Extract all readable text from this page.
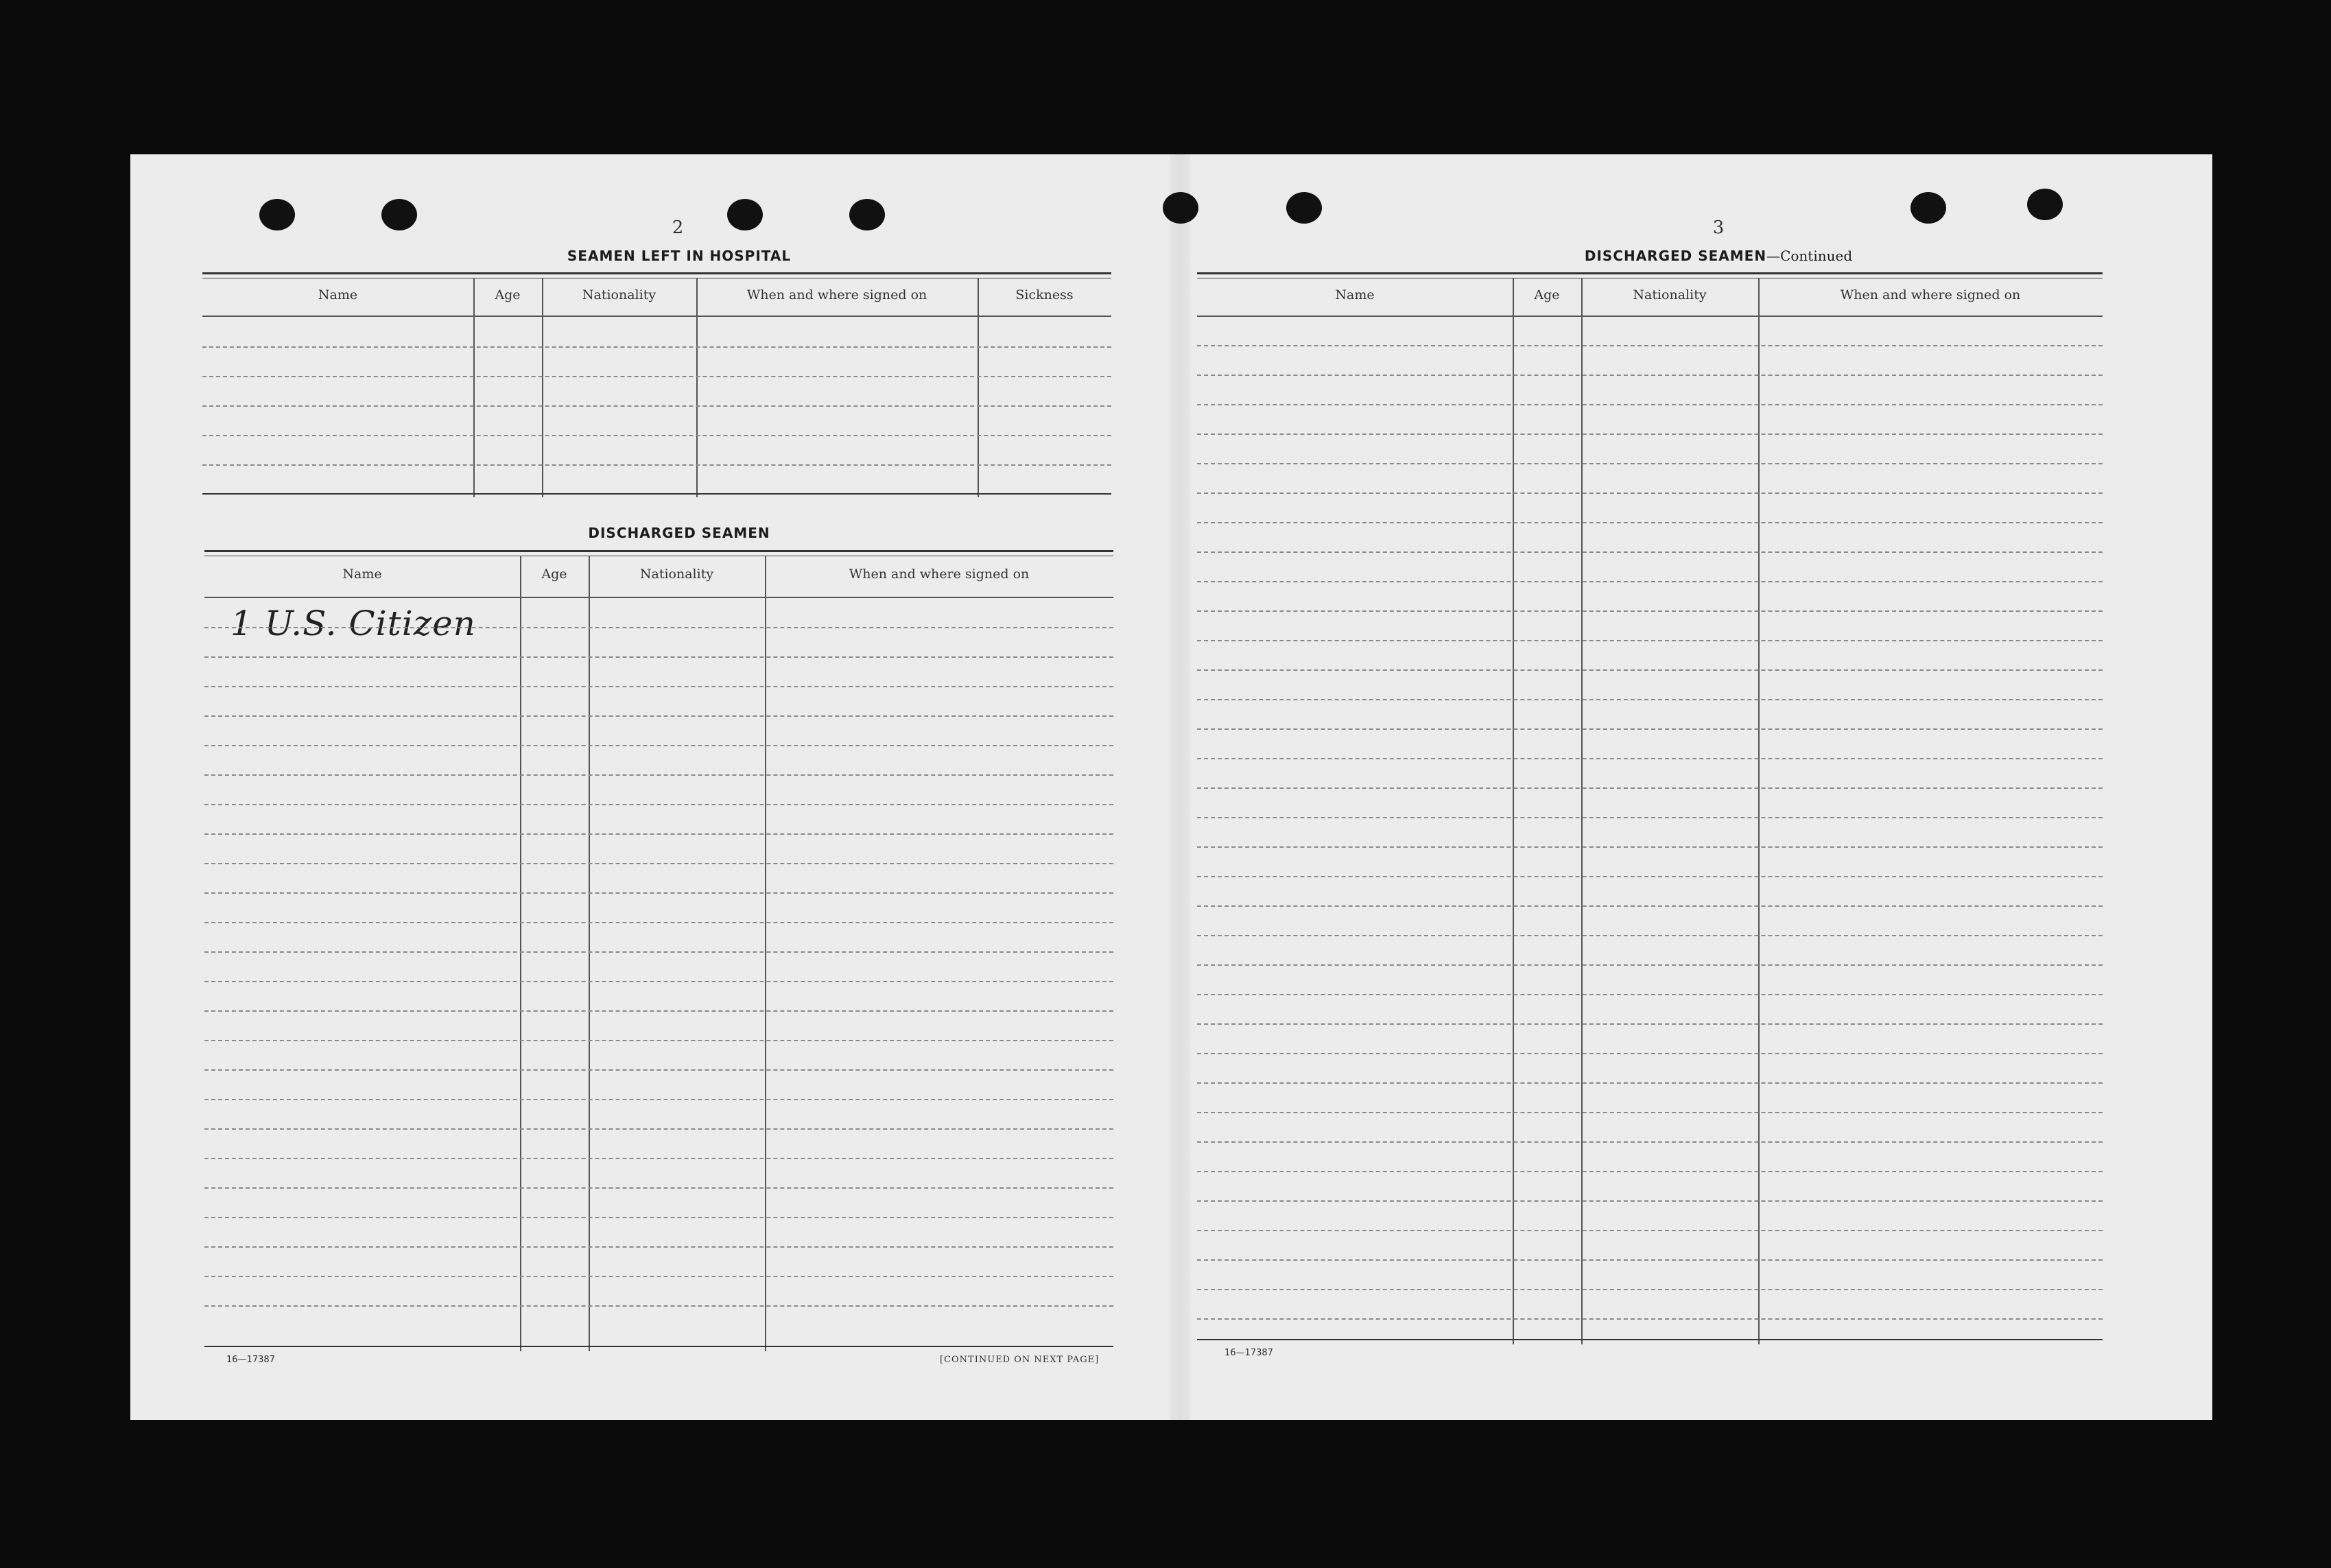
2
SEAMEN LEFT IN HOSPITAL
Name	Age	Nationality	When and where signed on	Sickness
DISCHARGED SEAMEN
Name	Age	Nationality	When and where signed on
1 U.S. Citizen
16—17387	[CONTINUED ON NEXT PAGE]
3
DISCHARGED SEAMEN—Continued
Name	Age	Nationality	When and where signed on
16—17387
